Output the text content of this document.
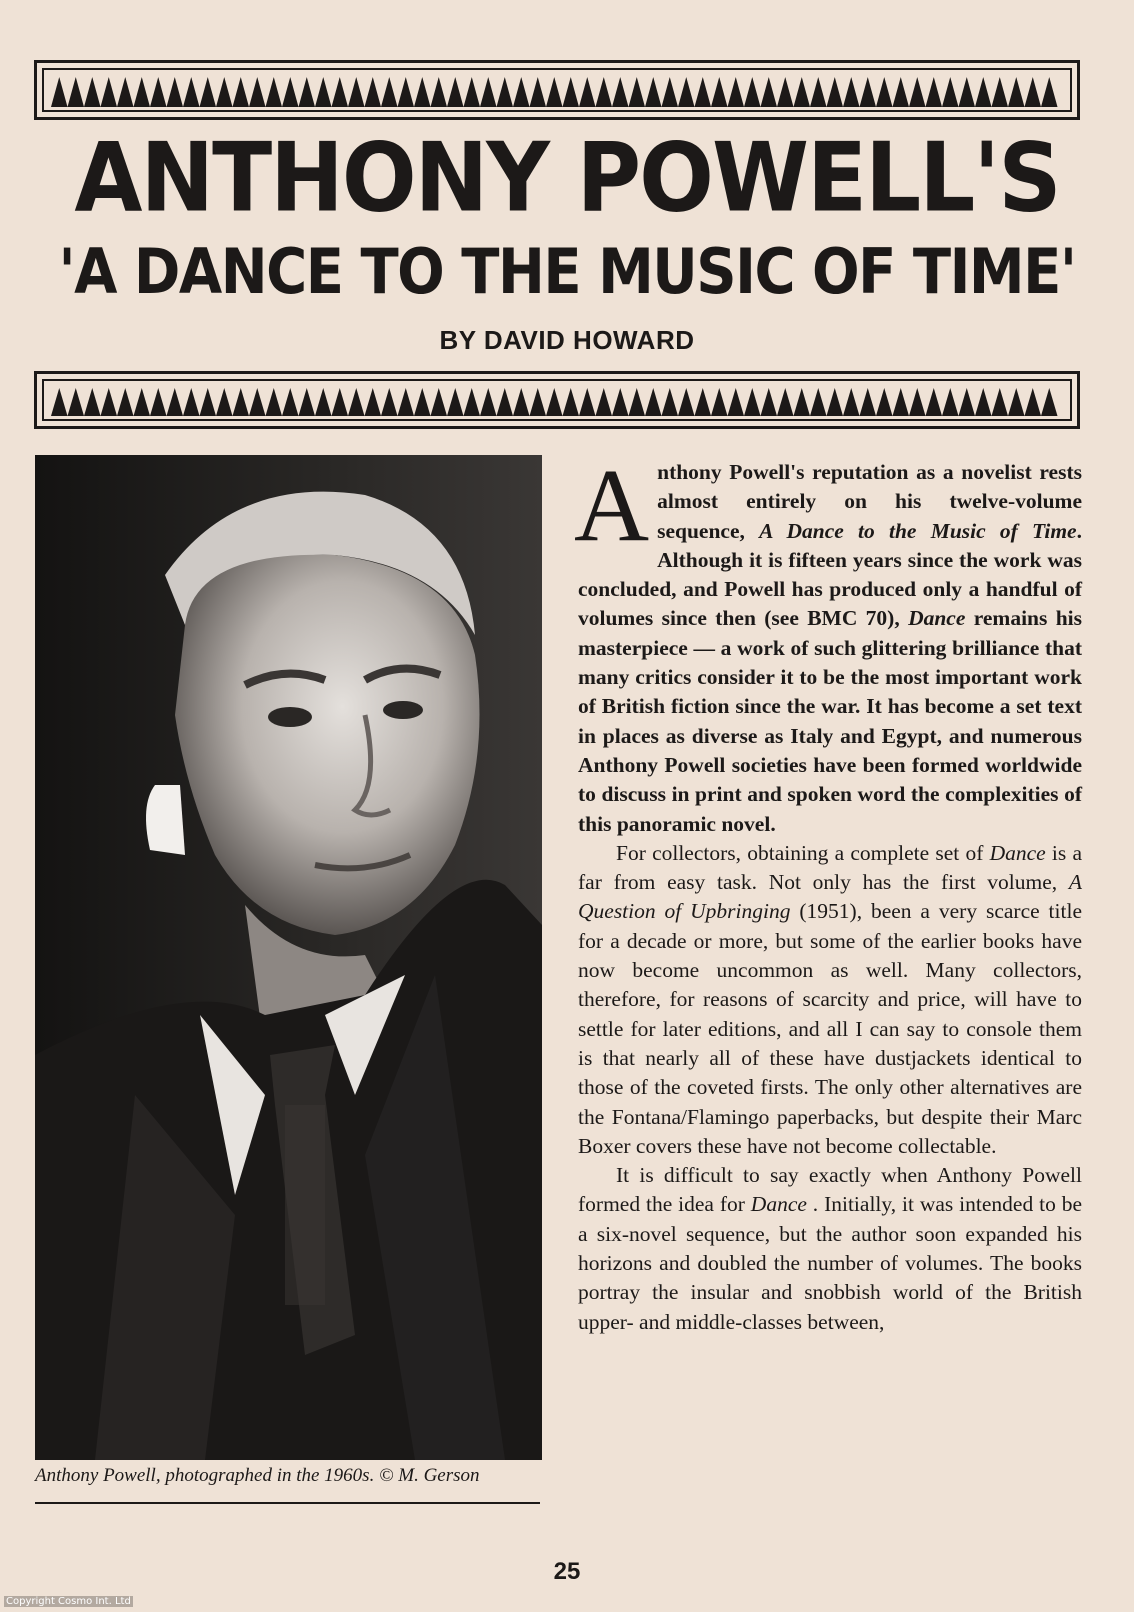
ANTHONY POWELL'S
'A DANCE TO THE MUSIC OF TIME'
BY DAVID HOWARD
Anthony Powell, photographed in the 1960s. © M. Gerson

Anthony Powell's reputation as a novelist rests almost entirely on his twelve-volume sequence, A Dance to the Music of Time. Although it is fifteen years since the work was concluded, and Powell has produced only a handful of volumes since then (see BMC 70), Dance remains his masterpiece — a work of such glittering brilliance that many critics consider it to be the most important work of British fiction since the war. It has become a set text in places as diverse as Italy and Egypt, and numerous Anthony Powell societies have been formed worldwide to discuss in print and spoken word the complexities of this panoramic novel.

For collectors, obtaining a complete set of Dance is a far from easy task. Not only has the first volume, A Question of Upbringing (1951), been a very scarce title for a decade or more, but some of the earlier books have now become uncommon as well. Many collectors, therefore, for reasons of scarcity and price, will have to settle for later editions, and all I can say to console them is that nearly all of these have dustjackets identical to those of the coveted firsts. The only other alternatives are the Fontana/Flamingo paperbacks, but despite their Marc Boxer covers these have not become collectable.

It is difficult to say exactly when Anthony Powell formed the idea for Dance . Initially, it was intended to be a six-novel sequence, but the author soon expanded his horizons and doubled the number of volumes. The books portray the insular and snobbish world of the British upper- and middle-classes between,

25
Copyright Cosmo Int. Ltd
